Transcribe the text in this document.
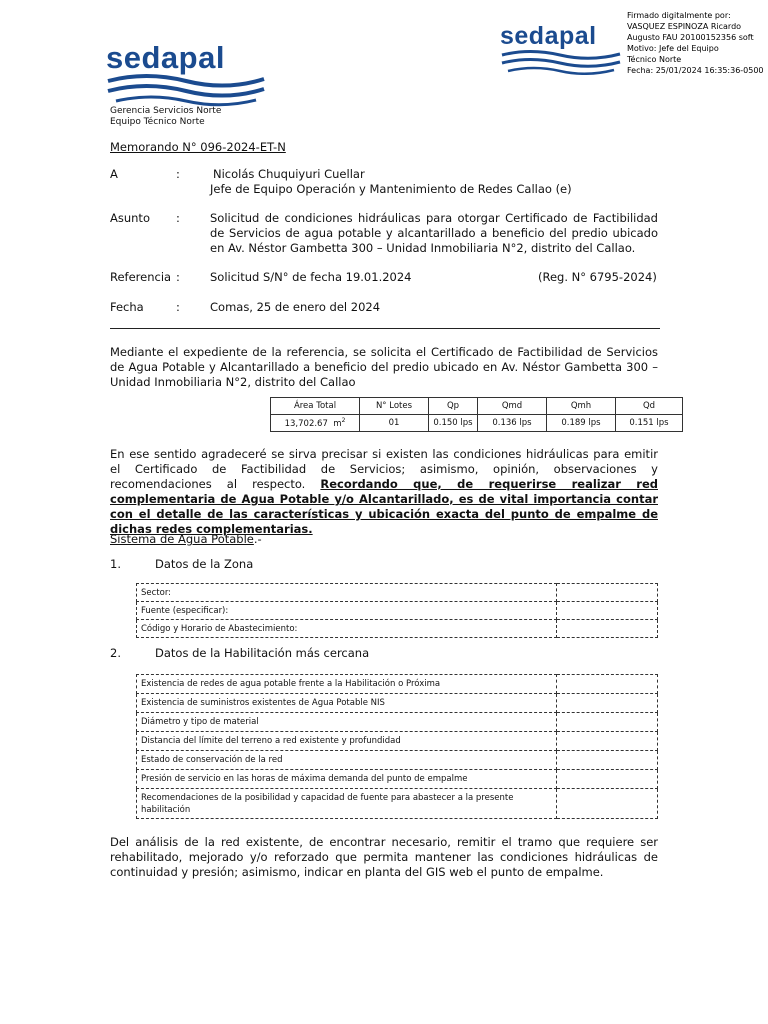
sedapal
sedapal
Firmado digitalmente por:
VASQUEZ ESPINOZA Ricardo
Augusto FAU 20100152356 soft
Motivo: Jefe del Equipo
Técnico Norte
Fecha: 25/01/2024 16:35:36-0500
Gerencia Servicios Norte
Equipo Técnico Norte
Memorando N° 096-2024-ET-N
A	:	Nicolás Chuquiyuri Cuellar
Jefe de Equipo Operación y Mantenimiento de Redes Callao (e)
Asunto :	Solicitud de condiciones hidráulicas para otorgar Certificado de Factibilidad de Servicios de agua potable y alcantarillado a beneficio del predio ubicado en Av. Néstor Gambetta 300 – Unidad Inmobiliaria N°2, distrito del Callao.
Referencia :	Solicitud S/N° de fecha 19.01.2024	(Reg. N° 6795-2024)
Fecha	:	Comas, 25 de enero del 2024
Mediante el expediente de la referencia, se solicita el Certificado de Factibilidad de Servicios de Agua Potable y Alcantarillado a beneficio del predio ubicado en Av. Néstor Gambetta 300 – Unidad Inmobiliaria N°2, distrito del Callao
Área Total	N° Lotes	Qp	Qmd	Qmh	Qd
13,702.67 $m^2$	01	0.150 lps	0.136 lps	0.189 lps	0.151 lps
En ese sentido agradeceré se sirva precisar si existen las condiciones hidráulicas para emitir el Certificado de Factibilidad de Servicios; asimismo, opinión, observaciones y recomendaciones al respecto. Recordando que, de requerirse realizar red complementaria de Agua Potable y/o Alcantarillado, es de vital importancia contar con el detalle de las características y ubicación exacta del punto de empalme de dichas redes complementarias.
Sistema de Agua Potable.-
1.	Datos de la Zona
Sector:	
Fuente (especificar):	
Código y Horario de Abastecimiento:	
2.	Datos de la Habilitación más cercana
Existencia de redes de agua potable frente a la Habilitación o Próxima	
Existencia de suministros existentes de Agua Potable NIS	
Diámetro y tipo de material	
Distancia del límite del terreno a red existente y profundidad	
Estado de conservación de la red	
Presión de servicio en las horas de máxima demanda del punto de empalme	
Recomendaciones de la posibilidad y capacidad de fuente para abastecer a la presente habilitación	
Del análisis de la red existente, de encontrar necesario, remitir el tramo que requiere ser rehabilitado, mejorado y/o reforzado que permita mantener las condiciones hidráulicas de continuidad y presión; asimismo, indicar en planta del GIS web el punto de empalme.
